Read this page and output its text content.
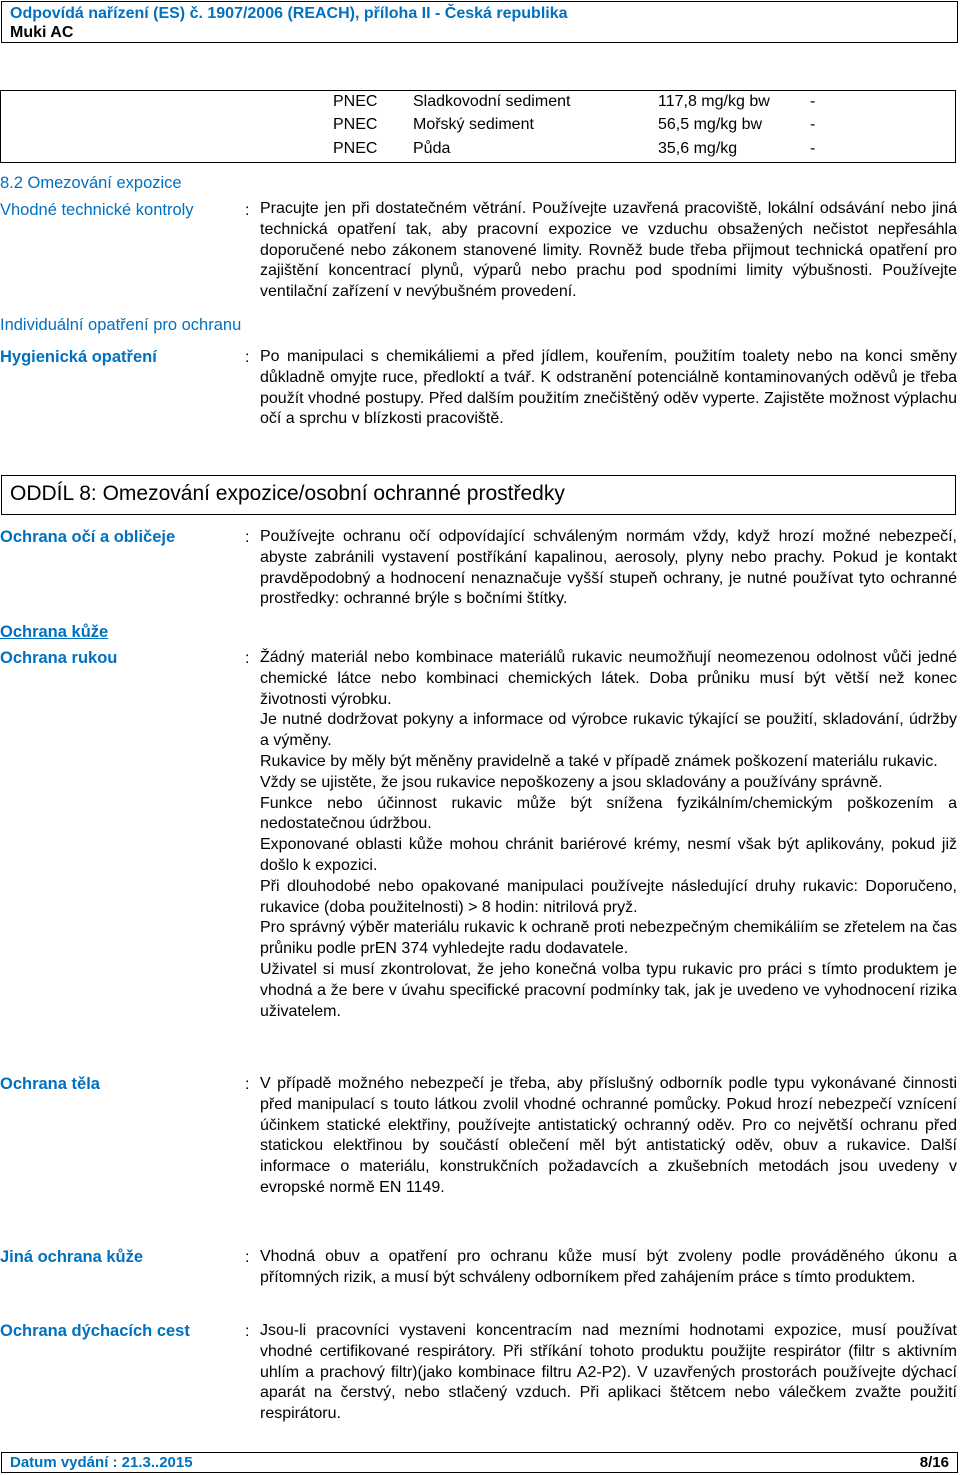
Odpovídá nařízení (ES) č. 1907/2006 (REACH), příloha II - Česká republika
Muki AC
PNEC Sladkovodní sediment	117,8 mg/kg bw	-
PNEC Mořský sediment	56,5 mg/kg bw	-
PNEC Půda	35,6 mg/kg	-
8.2 Omezování expozice
Vhodné technické kontroly	: Pracujte jen při dostatečném větrání. Používejte uzavřená pracoviště, lokální odsávání nebo jiná technická opatření tak, aby pracovní expozice ve vzduchu obsažených nečistot nepřesáhla doporučené nebo zákonem stanovené limity. Rovněž bude třeba přijmout technická opatření pro zajištění koncentrací plynů, výparů nebo prachu pod spodními limity výbušnosti. Používejte ventilační zařízení v nevýbušném provedení.
Individuální opatření pro ochranu
Hygienická opatření	: Po manipulaci s chemikáliemi a před jídlem, kouřením, použitím toalety nebo na konci směny důkladně omyjte ruce, předloktí a tvář. K odstranění potenciálně kontaminovaných oděvů je třeba použít vhodné postupy. Před dalším použitím znečištěný oděv vyperte. Zajistěte možnost výplachu očí a sprchu v blízkosti pracoviště.
ODDÍL 8: Omezování expozice/osobní ochranné prostředky
Ochrana očí a obličeje	: Používejte ochranu očí odpovídající schváleným normám vždy, když hrozí možné nebezpečí, abyste zabránili vystavení postříkání kapalinou, aerosoly, plyny nebo prachy. Pokud je kontakt pravděpodobný a hodnocení nenaznačuje vyšší stupeň ochrany, je nutné používat tyto ochranné prostředky: ochranné brýle s bočními štítky.
Ochrana kůže
Ochrana rukou	: Žádný materiál nebo kombinace materiálů rukavic neumožňují neomezenou odolnost vůči jedné chemické látce nebo kombinaci chemických látek. Doba průniku musí být větší než konec životnosti výrobku.

Je nutné dodržovat pokyny a informace od výrobce rukavic týkající se použití, skladování, údržby a výměny.

Rukavice by měly být měněny pravidelně a také v případě známek poškození materiálu rukavic.

Vždy se ujistěte, že jsou rukavice nepoškozeny a jsou skladovány a používány správně.

Funkce nebo účinnost rukavic může být snížena fyzikálním/chemickým poškozením a nedostatečnou údržbou.

Exponované oblasti kůže mohou chránit bariérové krémy, nesmí však být aplikovány, pokud již došlo k expozici.

Při dlouhodobé nebo opakované manipulaci používejte následující druhy rukavic: Doporučeno, rukavice (doba použitelnosti) > 8 hodin: nitrilová pryž.

Pro správný výběr materiálu rukavic k ochraně proti nebezpečným chemikáliím se zřetelem na čas průniku podle prEN 374 vyhledejte radu dodavatele.

Uživatel si musí zkontrolovat, že jeho konečná volba typu rukavic pro práci s tímto produktem je vhodná a že bere v úvahu specifické pracovní podmínky tak, jak je uvedeno ve vyhodnocení rizika uživatelem.

Ochrana těla	: V případě možného nebezpečí je třeba, aby příslušný odborník podle typu vykonávané činnosti před manipulací s touto látkou zvolil vhodné ochranné pomůcky. Pokud hrozí nebezpečí vznícení účinkem statické elektřiny, používejte antistatický ochranný oděv. Pro co největší ochranu před statickou elektřinou by součástí oblečení měl být antistatický oděv, obuv a rukavice. Další informace o materiálu, konstrukčních požadavcích a zkušebních metodách jsou uvedeny v evropské normě EN 1149.
Jiná ochrana kůže	: Vhodná obuv a opatření pro ochranu kůže musí být zvoleny podle prováděného úkonu a přítomných rizik, a musí být schváleny odborníkem před zahájením práce s tímto produktem.
Ochrana dýchacích cest	: Jsou-li pracovníci vystaveni koncentracím nad mezními hodnotami expozice, musí používat vhodné certifikované respirátory. Při stříkání tohoto produktu použijte respirátor (filtr s aktivním uhlím a prachový filtr)(jako kombinace filtru A2-P2). V uzavřených prostorách používejte dýchací aparát na čerstvý, nebo stlačený vzduch. Při aplikaci štětcem nebo válečkem zvažte použití respirátoru.
Datum vydání : 21.3..2015	8/16
